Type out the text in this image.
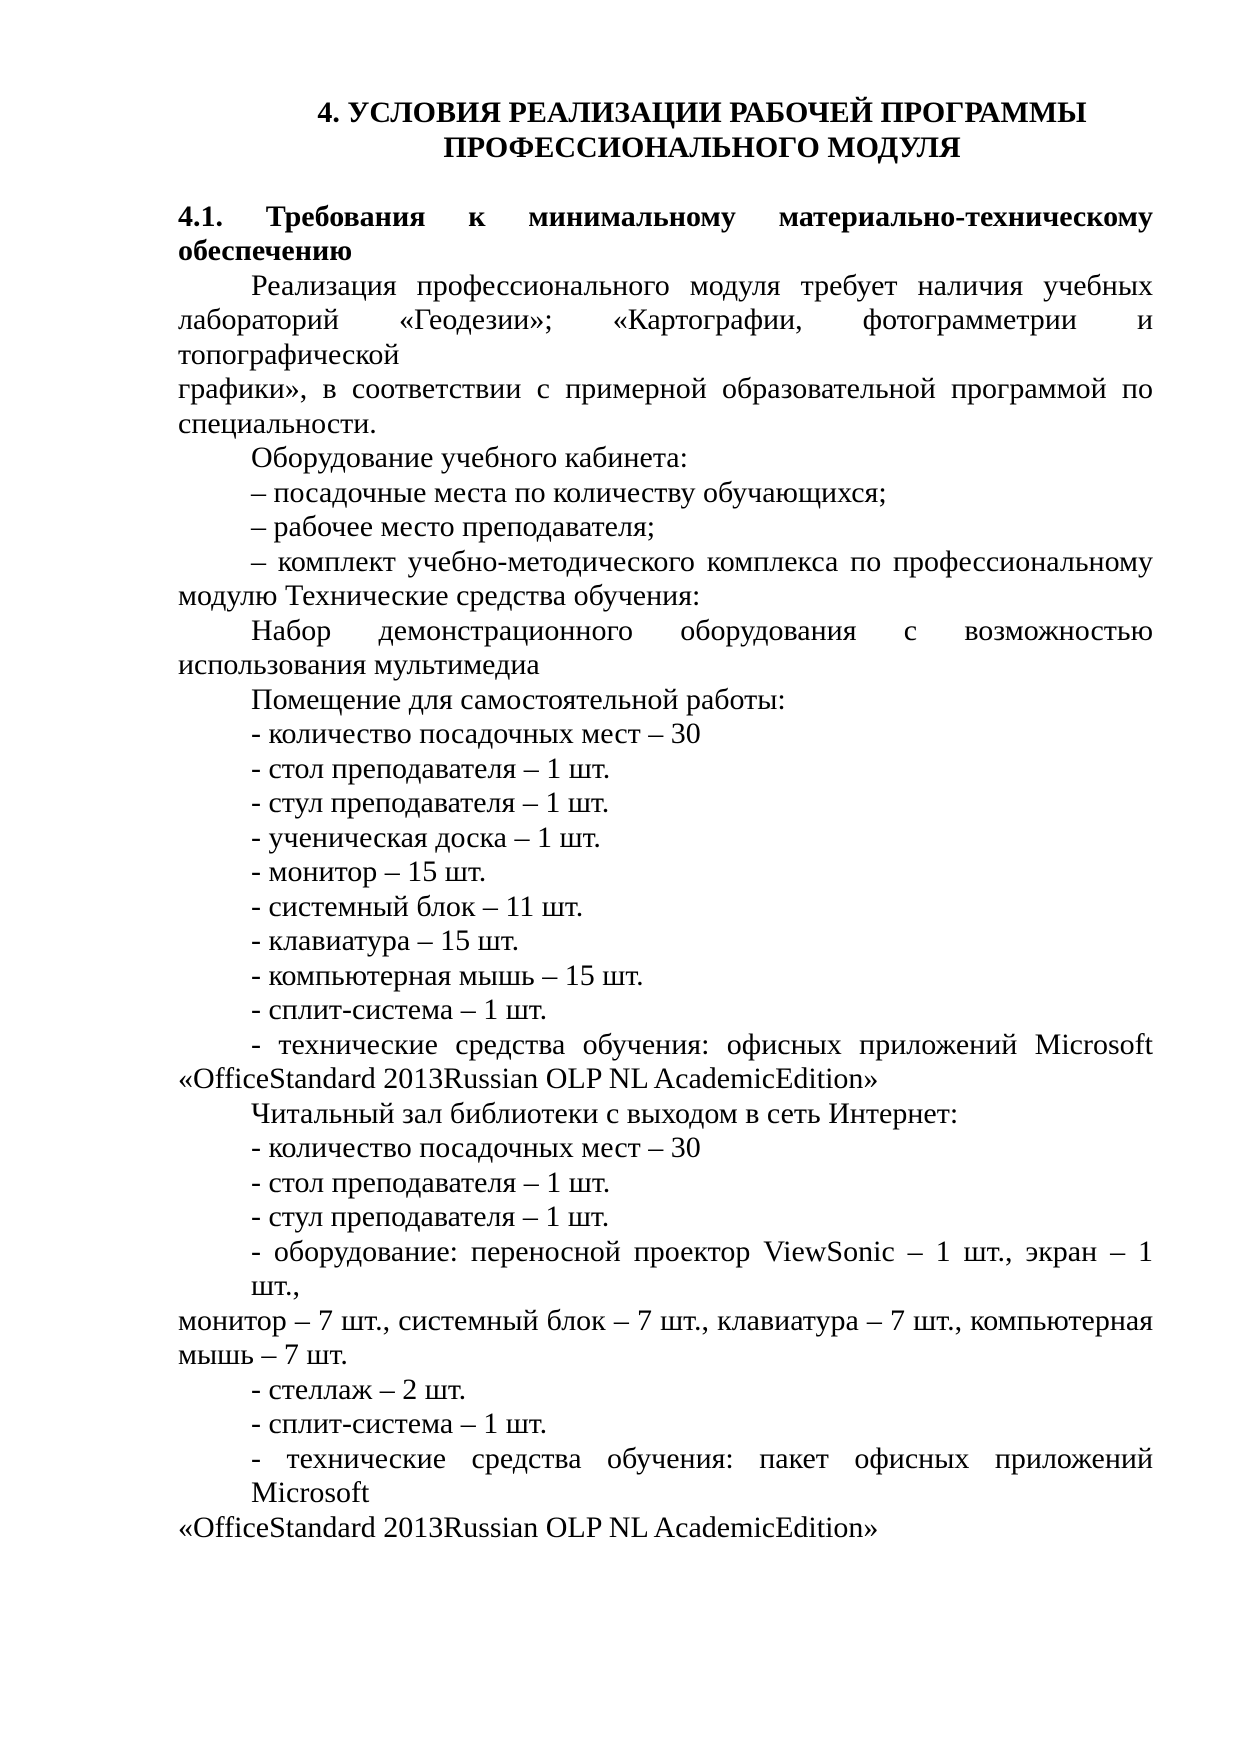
4. УСЛОВИЯ РЕАЛИЗАЦИИ РАБОЧЕЙ ПРОГРАММЫ
ПРОФЕССИОНАЛЬНОГО МОДУЛЯ
4.1. Требования к минимальному материально-техническому
обеспечению
Реализация профессионального модуля требует наличия учебных
лабораторий «Геодезии»; «Картографии, фотограмметрии и топографической
графики», в соответствии с примерной образовательной программой по
специальности.
Оборудование учебного кабинета:
– посадочные места по количеству обучающихся;
– рабочее место преподавателя;
– комплект учебно-методического комплекса по профессиональному
модулю Технические средства обучения:
Набор демонстрационного оборудования с возможностью
использования мультимедиа
Помещение для самостоятельной работы:
- количество посадочных мест – 30
- стол преподавателя – 1 шт.
- стул преподавателя – 1 шт.
- ученическая доска – 1 шт.
- монитор – 15 шт.
- системный блок – 11 шт.
- клавиатура – 15 шт.
- компьютерная мышь – 15 шт.
- сплит-система – 1 шт.
- технические средства обучения: офисных приложений Microsoft
«OfficeStandard 2013Russian OLP NL AcademicEdition»
Читальный зал библиотеки с выходом в сеть Интернет:
- количество посадочных мест – 30
- стол преподавателя – 1 шт.
- стул преподавателя – 1 шт.
- оборудование: переносной проектор ViewSonic – 1 шт., экран – 1 шт.,
монитор – 7 шт., системный блок – 7 шт., клавиатура – 7 шт., компьютерная
мышь – 7 шт.
- стеллаж – 2 шт.
- сплит-система – 1 шт.
- технические средства обучения: пакет офисных приложений Microsoft
«OfficeStandard 2013Russian OLP NL AcademicEdition»
